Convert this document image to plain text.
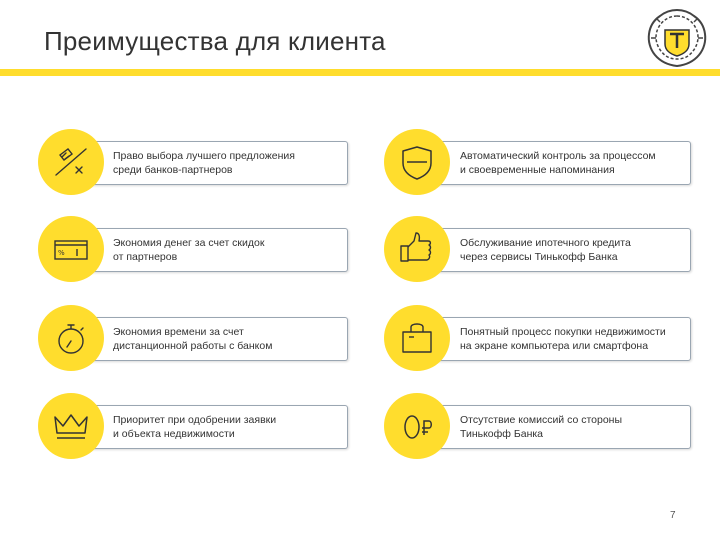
Преимущества для клиента
Право выбора лучшего предложения
среди банков-партнеров
Автоматический контроль за процессом
и своевременные напоминания
Экономия денег за счет скидок
от партнеров
%
Обслуживание ипотечного кредита
через сервисы Тинькофф Банка
Экономия времени за счет
дистанционной работы с банком
Понятный процесс покупки недвижимости
на экране компьютера или смартфона
Приоритет при одобрении заявки
и объекта недвижимости
Отсутствие комиссий со стороны
Тинькофф Банка
7
